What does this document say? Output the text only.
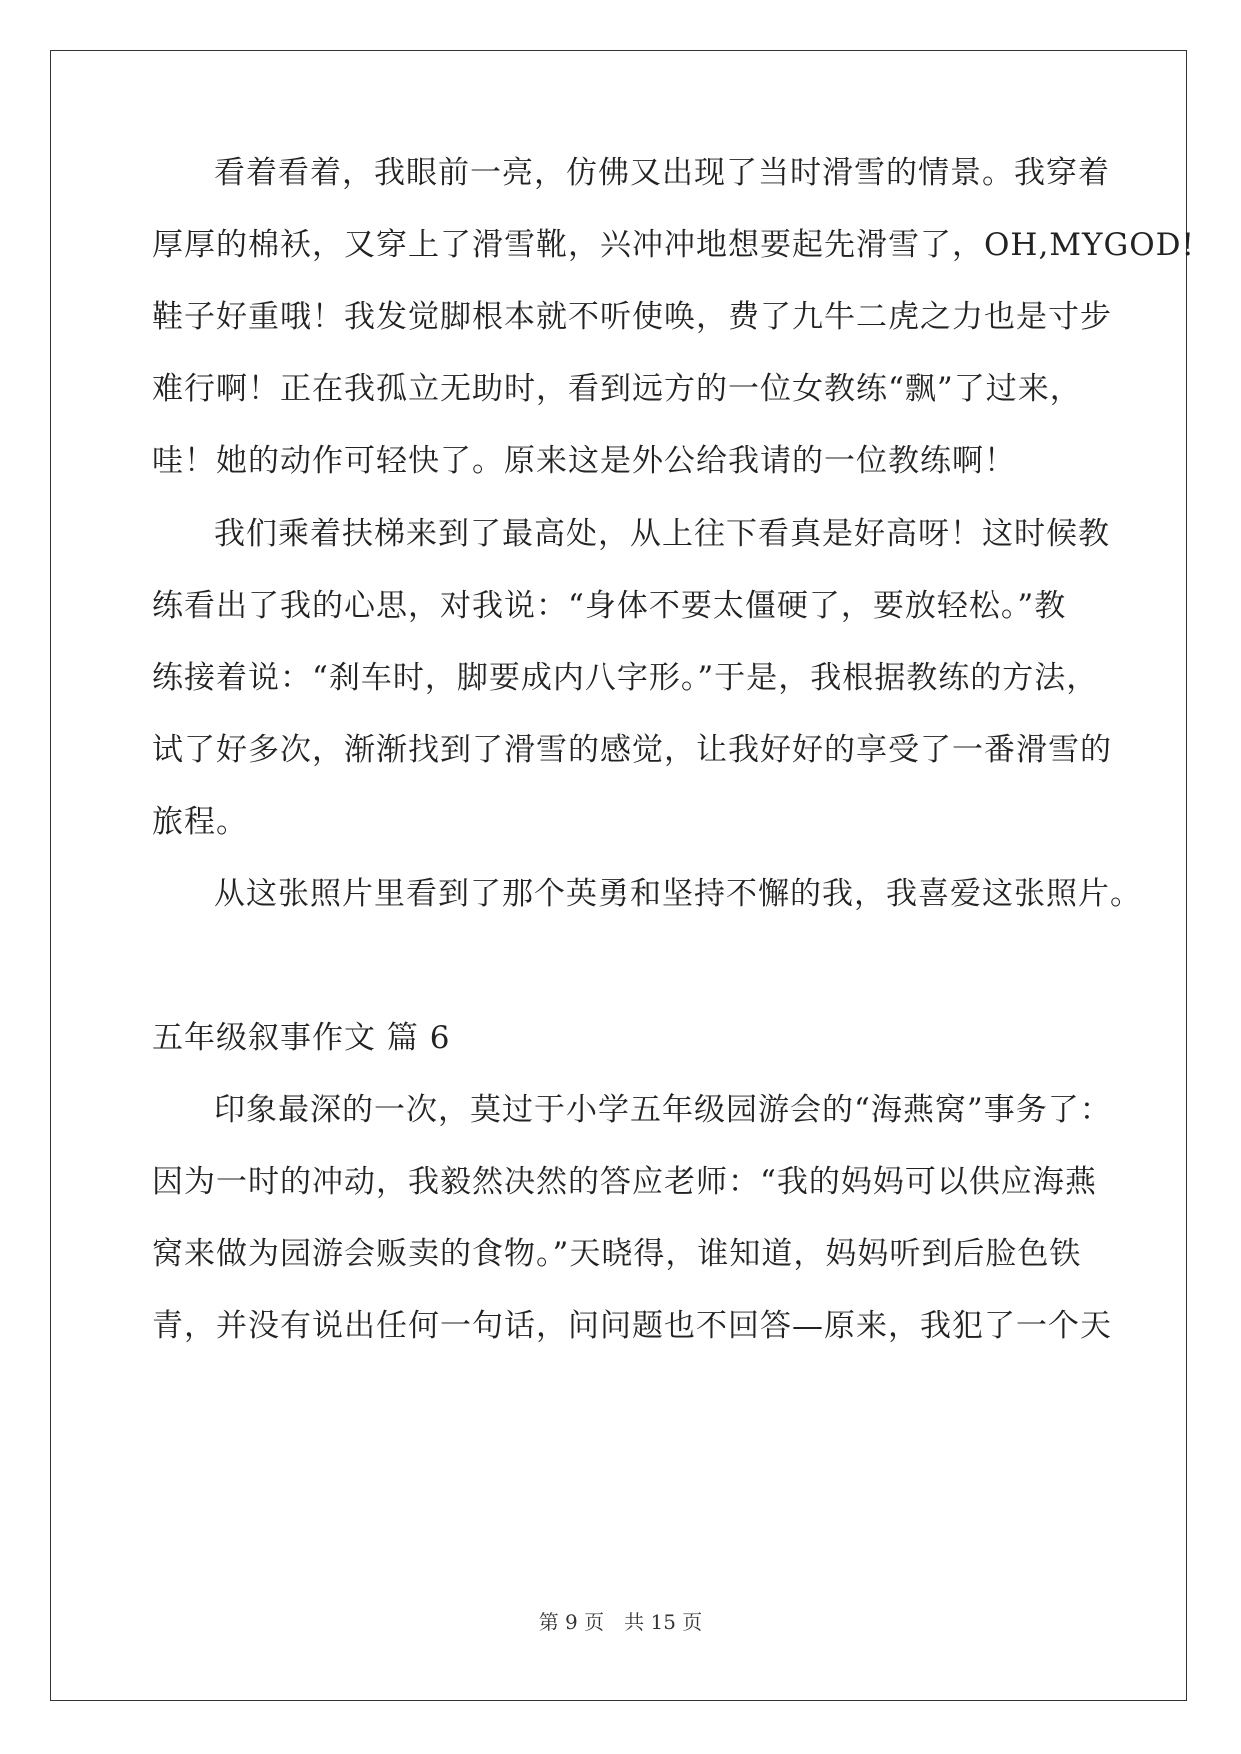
看着看着，我眼前一亮，仿佛又出现了当时滑雪的情景。我穿着
厚厚的棉袄，又穿上了滑雪靴，兴冲冲地想要起先滑雪了，OH,MYGOD!
鞋子好重哦！我发觉脚根本就不听使唤，费了九牛二虎之力也是寸步
难行啊！正在我孤立无助时，看到远方的一位女教练“飘”了过来，
哇！她的动作可轻快了。原来这是外公给我请的一位教练啊！
我们乘着扶梯来到了最高处，从上往下看真是好高呀！这时候教
练看出了我的心思，对我说：“身体不要太僵硬了，要放轻松。”教
练接着说：“刹车时，脚要成内八字形。”于是，我根据教练的方法，
试了好多次，渐渐找到了滑雪的感觉，让我好好的享受了一番滑雪的
旅程。
从这张照片里看到了那个英勇和坚持不懈的我，我喜爱这张照片。
五年级叙事作文 篇 6
印象最深的一次，莫过于小学五年级园游会的“海燕窝”事务了：
因为一时的冲动，我毅然决然的答应老师：“我的妈妈可以供应海燕
窝来做为园游会贩卖的食物。”天晓得，谁知道，妈妈听到后脸色铁
青，并没有说出任何一句话，问问题也不回答—原来，我犯了一个天
第 9 页　共 15 页
